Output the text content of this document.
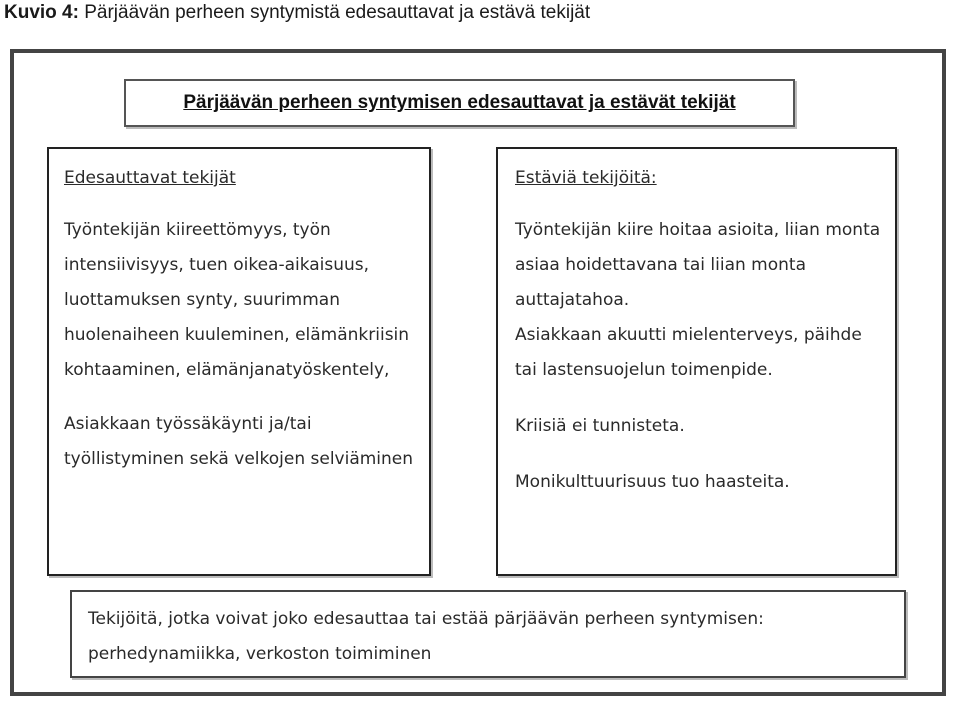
Kuvio 4: Pärjäävän perheen syntymistä edesauttavat ja estävä tekijät
Pärjäävän perheen syntymisen edesauttavat ja estävät tekijät

Edesauttavat tekijät

Työntekijän kiireettömyys, työn intensiivisyys, tuen oikea-aikaisuus, luottamuksen synty, suurimman huolenaiheen kuuleminen, elämänkriisin kohtaaminen, elämänjanatyöskentely,

Asiakkaan työssäkäynti ja/tai työllistyminen sekä velkojen selviäminen

Estäviä tekijöitä:

Työntekijän kiire hoitaa asioita, liian monta asiaa hoidettavana tai liian monta auttajatahoa.

Asiakkaan akuutti mielenterveys, päihde tai lastensuojelun toimenpide.

Kriisiä ei tunnisteta.

Monikulttuurisuus tuo haasteita.

Tekijöitä, jotka voivat joko edesauttaa tai estää pärjäävän perheen syntymisen: perhedynamiikka, verkoston toimiminen
